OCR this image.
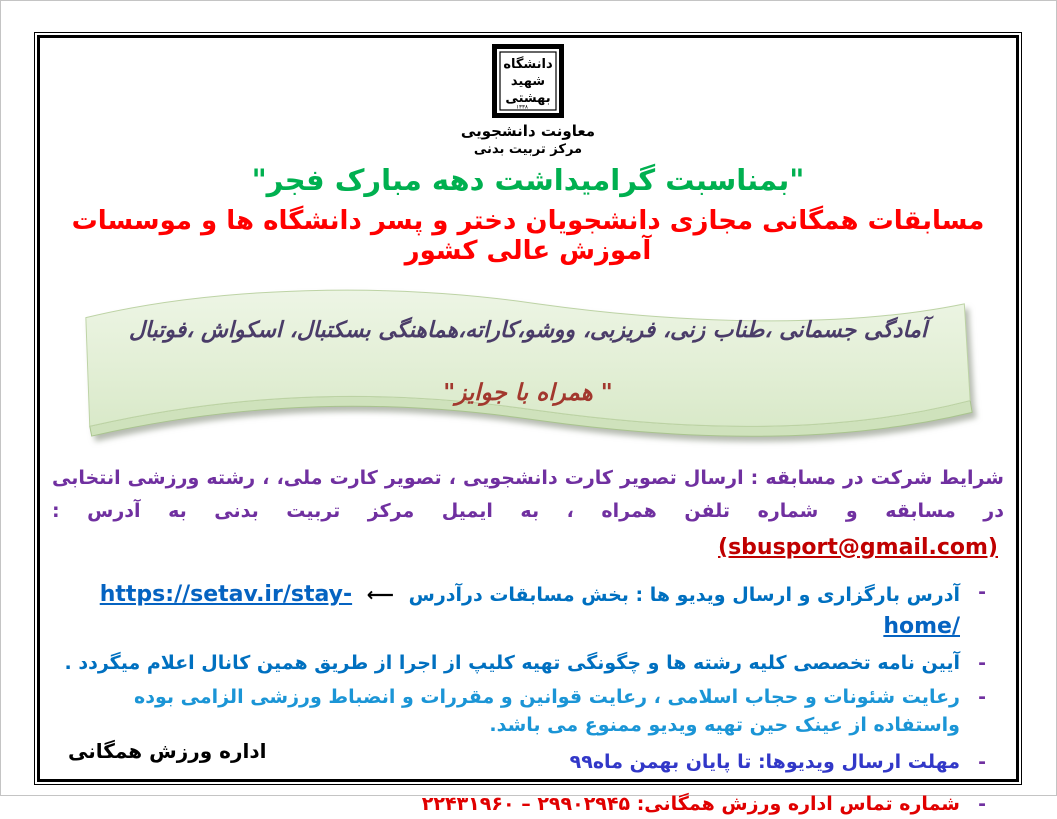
دانشگاه
شهید
بهشتی
۱۳۳۸
معاونت دانشجویی
مرکز تربیت بدنی
"بمناسبت گرامیداشت دهه مبارک فجر"
مسابقات همگانی مجازی دانشجویان دختر و پسر دانشگاه ها و موسسات آموزش عالی کشور
آمادگی جسمانی ،طناب زنی، فریزبی، ووشو،کاراته،هماهنگی بسکتبال، اسکواش ،فوتبال
" همراه با جوایز"

شرایط شرکت در مسابقه : ارسال تصویر کارت دانشجویی ، تصویر کارت ملی، ، رشته ورزشی انتخابی در مسابقه و شماره تلفن همراه ، به ایمیل مرکز تربیت بدنی به آدرس : (sbusport@gmail.com)

-
آدرس بارگزاری و ارسال ویدیو ها : بخش مسابقات درآدرس ⟵ https://setav.ir/stay-home/
-
آیین نامه تخصصی کلیه رشته ها و چگونگی تهیه کلیپ از اجرا از طریق همین کانال اعلام میگردد .
-
رعایت شئونات و حجاب اسلامی ، رعایت قوانین و مقررات و انضباط ورزشی الزامی بوده واستفاده از عینک حین تهیه ویدیو ممنوع می باشد.
-
مهلت ارسال ویدیوها: تا پایان بهمن ماه۹۹
-
شماره تماس اداره ورزش همگانی: ۲۹۹۰۲۹۴۵ – ۲۲۴۳۱۹۶۰
اداره ورزش همگانی
